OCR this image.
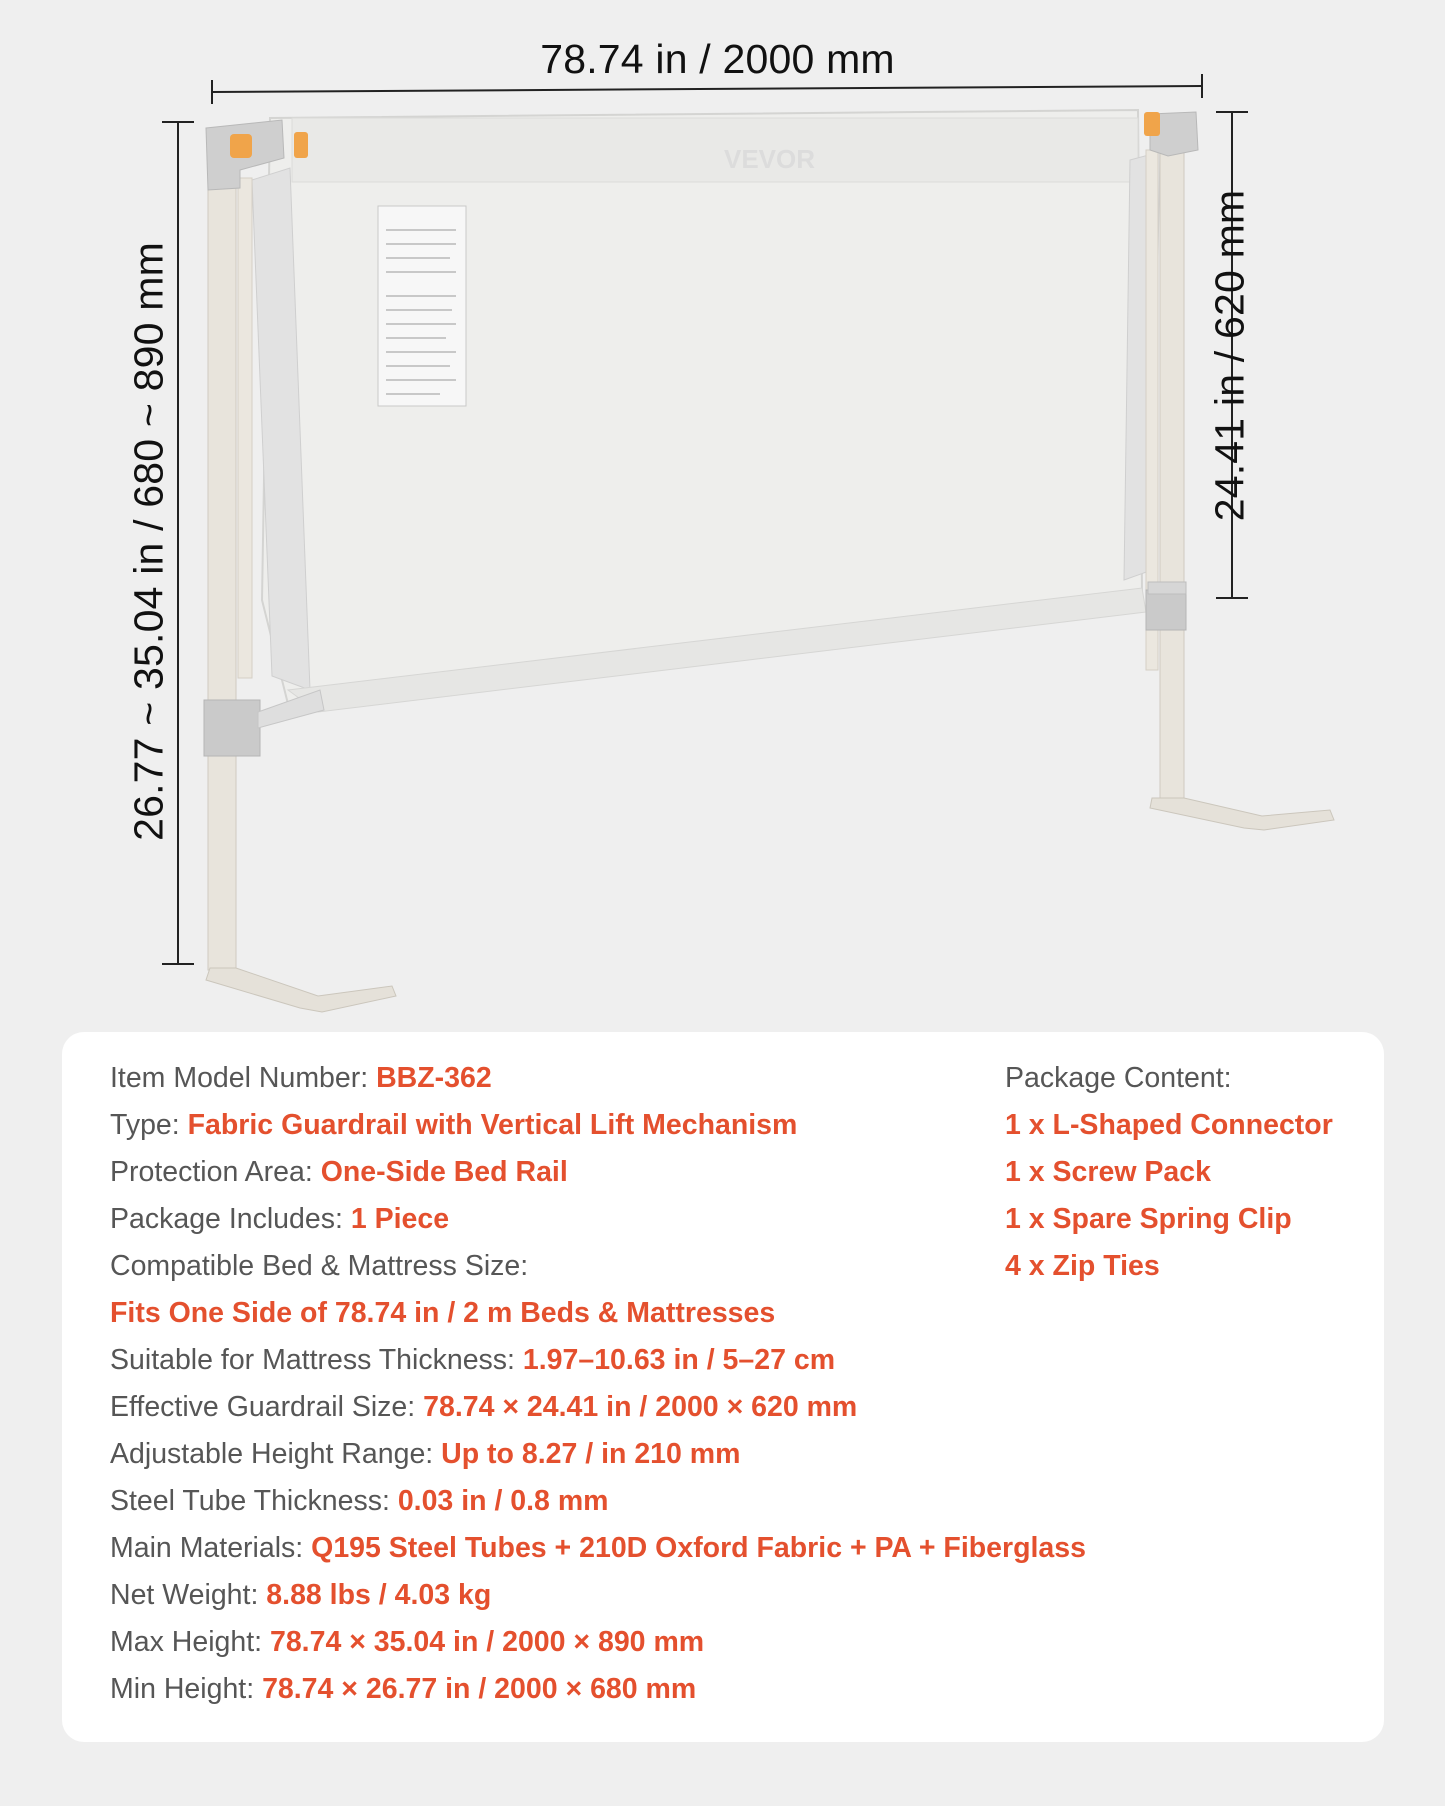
VEVOR
78.74 in / 2000 mm
26.77 ~ 35.04 in / 680 ~ 890 mm	24.41 in / 620 mm
Item Model Number: BBZ-362
Type: Fabric Guardrail with Vertical Lift Mechanism
Protection Area: One-Side Bed Rail
Package Includes: 1 Piece
Compatible Bed & Mattress Size:
Fits One Side of 78.74 in / 2 m Beds & Mattresses
Suitable for Mattress Thickness: 1.97–10.63 in / 5–27 cm
Effective Guardrail Size: 78.74 × 24.41 in / 2000 × 620 mm
Adjustable Height Range: Up to 8.27 / in 210 mm
Steel Tube Thickness: 0.03 in / 0.8 mm
Main Materials: Q195 Steel Tubes + 210D Oxford Fabric + PA + Fiberglass
Net Weight: 8.88 lbs / 4.03 kg
Max Height: 78.74 × 35.04 in / 2000 × 890 mm
Min Height: 78.74 × 26.77 in / 2000 × 680 mm
Package Content:
1 x L-Shaped Connector
1 x Screw Pack
1 x Spare Spring Clip
4 x Zip Ties
